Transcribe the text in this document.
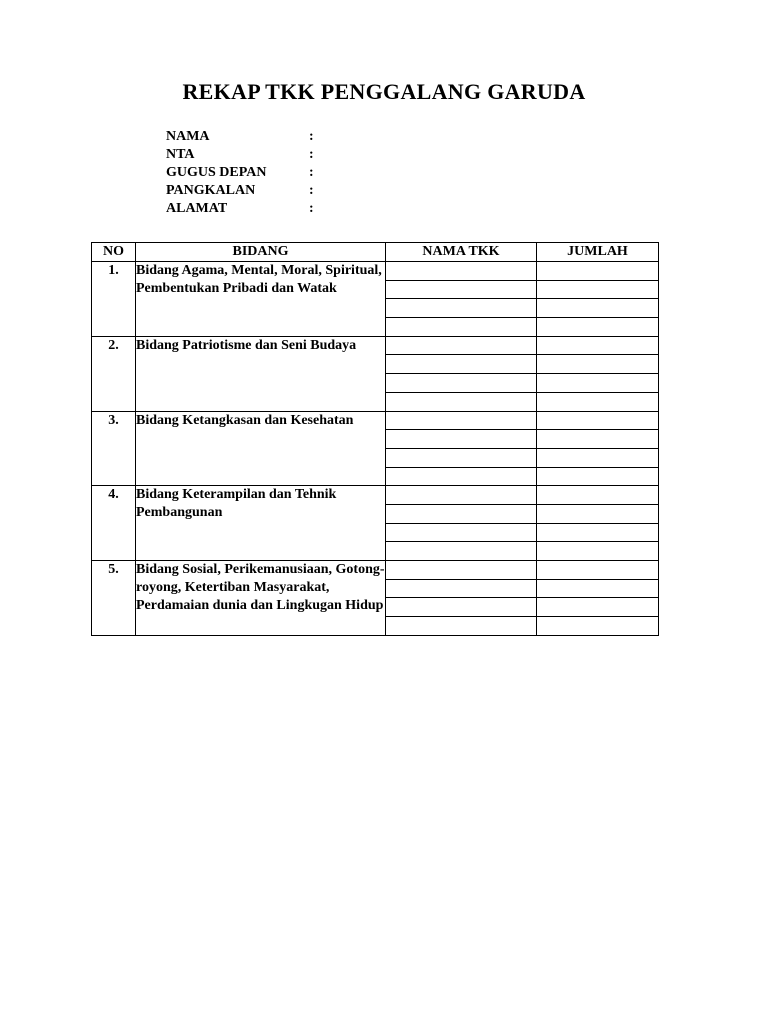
REKAP TKK PENGGALANG GARUDA
NAMA	:
NTA	:
GUGUS DEPAN	:
PANGKALAN	:
ALAMAT	:
NO	BIDANG	NAMA TKK	JUMLAH
1.	Bidang Agama, Mental, Moral, Spiritual, Pembentukan Pribadi dan Watak		

2.	Bidang Patriotisme dan Seni Budaya		

3.	Bidang Ketangkasan dan Kesehatan		

4.	Bidang Keterampilan dan Tehnik Pembangunan		

5.	Bidang Sosial, Perikemanusiaan, Gotong-royong, Ketertiban Masyarakat, Perdamaian dunia dan Lingkugan Hidup		
